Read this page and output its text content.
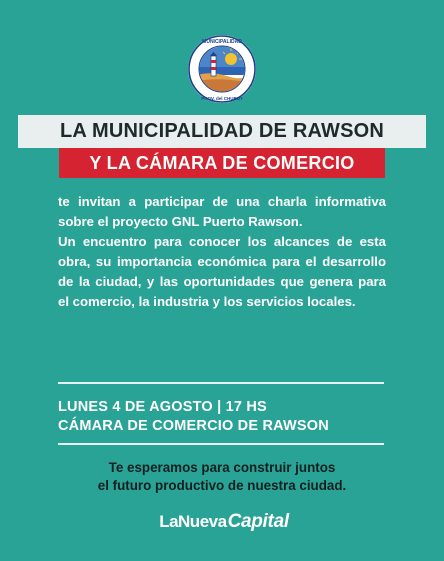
MUNICIPALIDAD
PROV. del CHUBUT
LA MUNICIPALIDAD DE RAWSON
Y LA CÁMARA DE COMERCIO

te invitan a participar de una charla informativa sobre el proyecto GNL Puerto Rawson.

Un encuentro para conocer los alcances de esta obra, su importancia económica para el desarrollo de la ciudad, y las oportunidades que genera para el comercio, la industria y los servicios locales.

LUNES 4 DE AGOSTO | 17 HS
CÁMARA DE COMERCIO DE RAWSON
Te esperamos para construir juntos
el futuro productivo de nuestra ciudad.
LaNueva Capital
